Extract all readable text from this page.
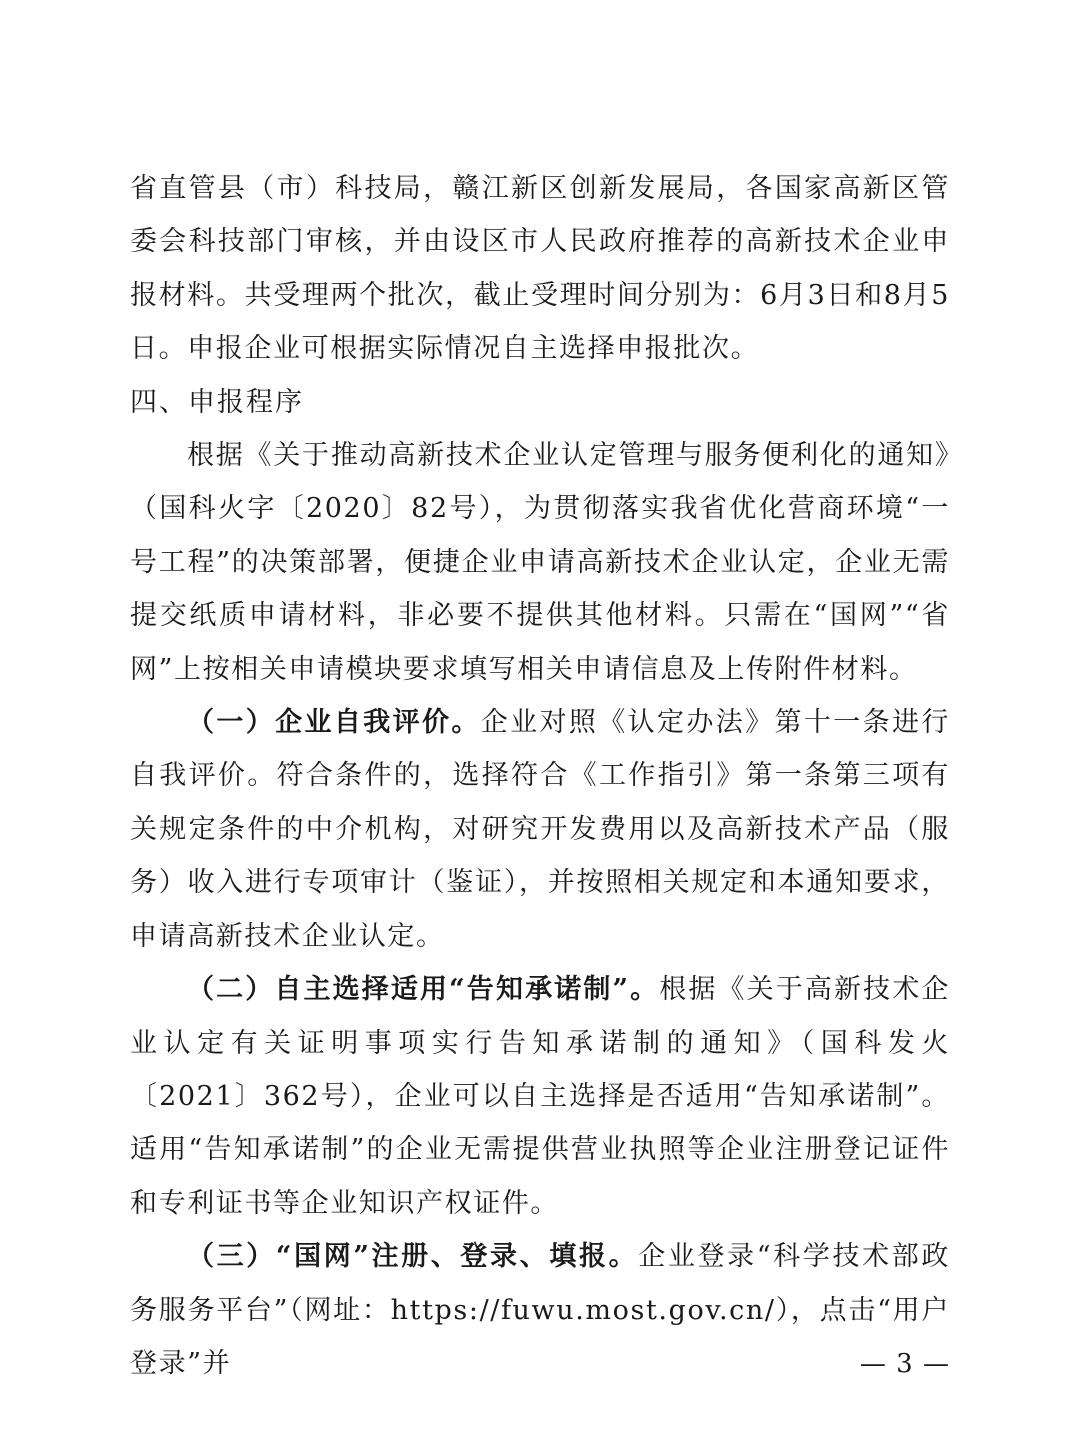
省直管县（市）科技局，赣江新区创新发展局，各国家高新区管委会科技部门审核，并由设区市人民政府推荐的高新技术企业申报材料。共受理两个批次，截止受理时间分别为：6月3日和8月5日。申报企业可根据实际情况自主选择申报批次。

四、申报程序

根据《关于推动高新技术企业认定管理与服务便利化的通知》（国科火字〔2020〕82号），为贯彻落实我省优化营商环境“一号工程”的决策部署，便捷企业申请高新技术企业认定，企业无需提交纸质申请材料，非必要不提供其他材料。只需在“国网”“省网”上按相关申请模块要求填写相关申请信息及上传附件材料。

（一）企业自我评价。企业对照《认定办法》第十一条进行自我评价。符合条件的，选择符合《工作指引》第一条第三项有关规定条件的中介机构，对研究开发费用以及高新技术产品（服务）收入进行专项审计（鉴证），并按照相关规定和本通知要求，申请高新技术企业认定。

（二）自主选择适用“告知承诺制”。根据《关于高新技术企业认定有关证明事项实行告知承诺制的通知》（国科发火〔2021〕362号），企业可以自主选择是否适用“告知承诺制”。适用“告知承诺制”的企业无需提供营业执照等企业注册登记证件和专利证书等企业知识产权证件。

（三）“国网”注册、登录、填报。企业登录“科学技术部政务服务平台”（网址：https://fuwu.most.gov.cn/），点击“用户登录”并	— 3 —
